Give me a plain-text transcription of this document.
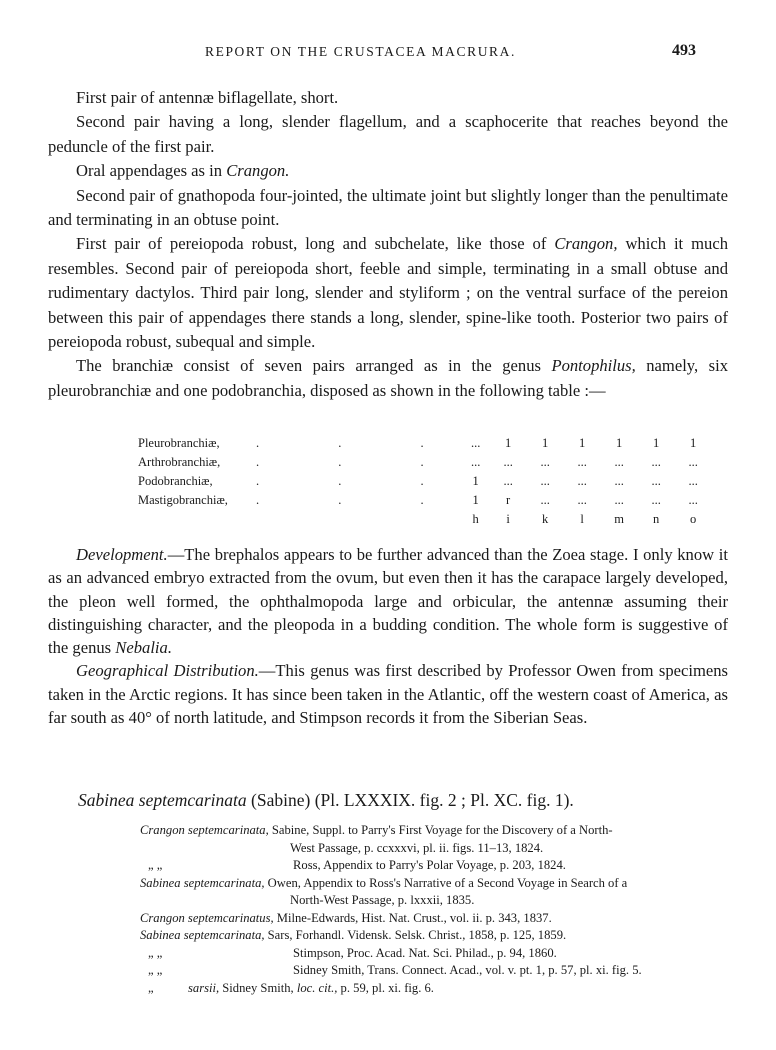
REPORT ON THE CRUSTACEA MACRURA.	493

First pair of antennæ biflagellate, short.

Second pair having a long, slender flagellum, and a scaphocerite that reaches beyond the peduncle of the first pair.

Oral appendages as in Crangon.

Second pair of gnathopoda four-jointed, the ultimate joint but slightly longer than the penultimate and terminating in an obtuse point.

First pair of pereiopoda robust, long and subchelate, like those of Crangon, which it much resembles. Second pair of pereiopoda short, feeble and simple, terminating in a small obtuse and rudimentary dactylos. Third pair long, slender and styliform ; on the ventral surface of the pereion between this pair of appendages there stands a long, slender, spine-like tooth. Posterior two pairs of pereiopoda robust, subequal and simple.

The branchiæ consist of seven pairs arranged as in the genus Pontophilus, namely, six pleurobranchiæ and one podobranchia, disposed as shown in the following table :—

Pleurobranchiæ,	. . .	...	1	1	1	1	1	1
Arthrobranchiæ,	. . .	...	...	...	...	...	...	...
Podobranchiæ,	. . .	1	...	...	...	...	...	...
Mastigobranchiæ,	. . .	1	r	...	...	...	...	...
		h	i	k	l	m	n	o

Development.—The brephalos appears to be further advanced than the Zoea stage. I only know it as an advanced embryo extracted from the ovum, but even then it has the carapace largely developed, the pleon well formed, the ophthalmopoda large and orbicular, the antennæ assuming their distinguishing character, and the pleopoda in a budding condition. The whole form is suggestive of the genus Nebalia.

Geographical Distribution.—This genus was first described by Professor Owen from specimens taken in the Arctic regions. It has since been taken in the Atlantic, off the western coast of America, as far south as 40° of north latitude, and Stimpson records it from the Siberian Seas.

Sabinea septemcarinata (Sabine) (Pl. LXXXIX. fig. 2 ; Pl. XC. fig. 1).
Crangon septemcarinata, Sabine, Suppl. to Parry's First Voyage for the Discovery of a North-
West Passage, p. ccxxxvi, pl. ii. figs. 11–13, 1824.
„ „	Ross, Appendix to Parry's Polar Voyage, p. 203, 1824.
Sabinea septemcarinata, Owen, Appendix to Ross's Narrative of a Second Voyage in Search of a
North-West Passage, p. lxxxii, 1835.
Crangon septemcarinatus, Milne-Edwards, Hist. Nat. Crust., vol. ii. p. 343, 1837.
Sabinea septemcarinata, Sars, Forhandl. Vidensk. Selsk. Christ., 1858, p. 125, 1859.
„ „	Stimpson, Proc. Acad. Nat. Sci. Philad., p. 94, 1860.
„ „	Sidney Smith, Trans. Connect. Acad., vol. v. pt. 1, p. 57, pl. xi. fig. 5.
„	sarsii, Sidney Smith, loc. cit., p. 59, pl. xi. fig. 6.
